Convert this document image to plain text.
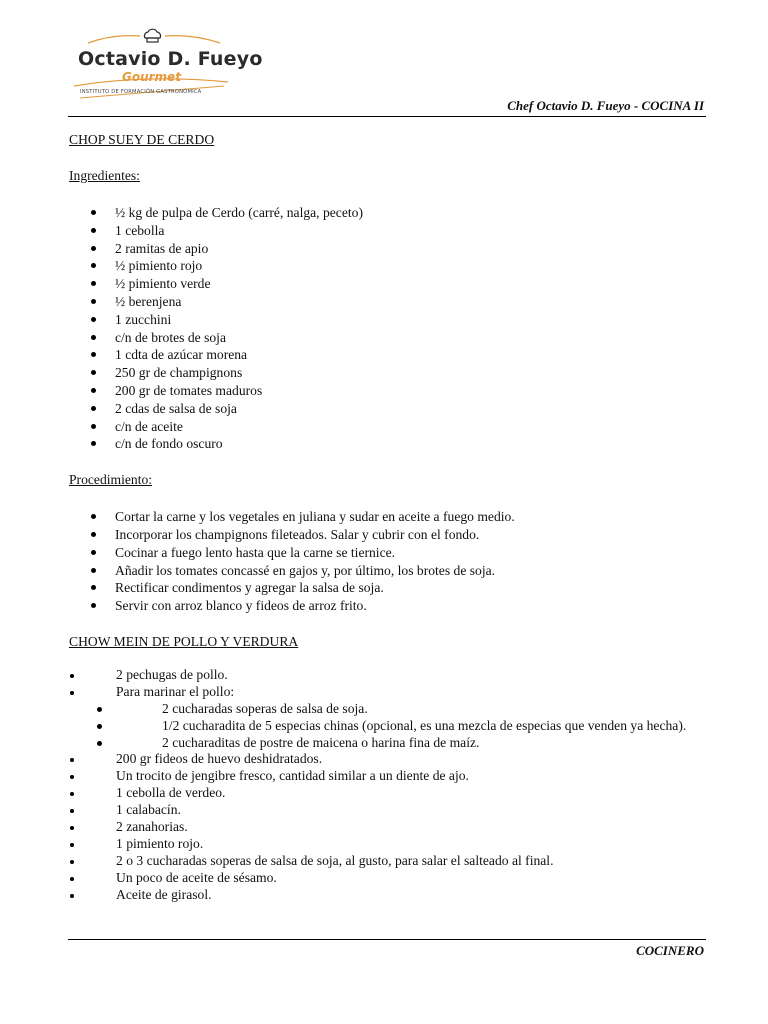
Octavio D. Fueyo
Gourmet
INSTITUTO DE FORMACIÓN GASTRONÓMICA
Chef Octavio D. Fueyo - COCINA II
CHOP SUEY DE CERDO
Ingredientes:
½ kg de pulpa de Cerdo (carré, nalga, peceto)
1 cebolla
2 ramitas de apio
½ pimiento rojo
½ pimiento verde
½ berenjena
1 zucchini
c/n de brotes de soja
1 cdta de azúcar morena
250 gr de champignons
200 gr de tomates maduros
2 cdas de salsa de soja
c/n de aceite
c/n de fondo oscuro
Procedimiento:
Cortar la carne y los vegetales en juliana y sudar en aceite a fuego medio.
Incorporar los champignons fileteados. Salar y cubrir con el fondo.
Cocinar a fuego lento hasta que la carne se tiernice.
Añadir los tomates concassé en gajos y, por último, los brotes de soja.
Rectificar condimentos y agregar la salsa de soja.
Servir con arroz blanco y fideos de arroz frito.
CHOW MEIN DE POLLO Y VERDURA
2 pechugas de pollo.
Para marinar el pollo:
2 cucharadas soperas de salsa de soja.
1/2 cucharadita de 5 especias chinas (opcional, es una mezcla de especias que venden ya hecha).
2 cucharaditas de postre de maicena o harina fina de maíz.
200 gr fideos de huevo deshidratados.
Un trocito de jengibre fresco, cantidad similar a un diente de ajo.
1 cebolla de verdeo.
1 calabacín.
2 zanahorias.
1 pimiento rojo.
2 o 3 cucharadas soperas de salsa de soja, al gusto, para salar el salteado al final.
Un poco de aceite de sésamo.
Aceite de girasol.
COCINERO
